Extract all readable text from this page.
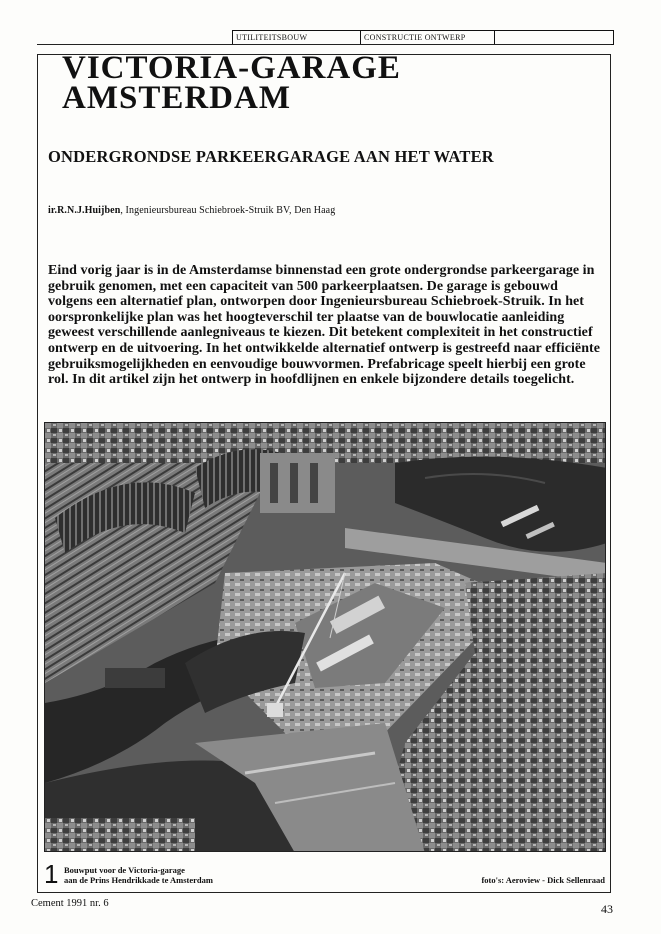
UTILITEITSBOUW	CONSTRUCTIE ONTWERP
VICTORIA-GARAGE
AMSTERDAM
ONDERGRONDSE PARKEERGARAGE AAN HET WATER
ir.R.N.J.Huijben, Ingenieursbureau Schiebroek-Struik BV, Den Haag

Eind vorig jaar is in de Amsterdamse binnenstad een grote ondergrondse parkeergarage in gebruik genomen, met een capaciteit van 500 parkeerplaatsen. De garage is gebouwd volgens een alternatief plan, ontworpen door Ingenieursbureau Schiebroek-Struik. In het oorspronkelijke plan was het hoogteverschil ter plaatse van de bouwlocatie aanleiding geweest verschillende aanlegniveaus te kiezen. Dit betekent complexiteit in het constructief ontwerp en de uitvoering. In het ontwikkelde alternatief ontwerp is gestreefd naar efficiënte gebruiksmogelijkheden en eenvoudige bouwvormen. Prefabricage speelt hierbij een grote rol. In dit artikel zijn het ontwerp in hoofdlijnen en enkele bijzondere details toegelicht.

1 Bouwput voor de Victoria-garage
aan de Prins Hendrikkade te Amsterdam	foto's: Aeroview - Dick Sellenraad
Cement 1991 nr. 6	43
